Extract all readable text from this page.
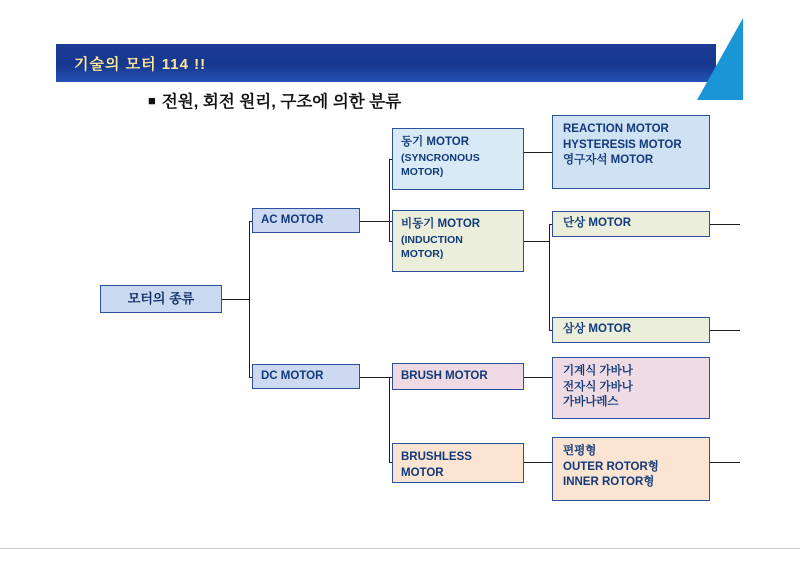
기술의 모터 114 !!
■ 전원, 회전 원리, 구조에 의한 분류
모터의 종류
AC MOTOR
DC MOTOR
동기 MOTOR
(SYNCRONOUS
MOTOR)
비동기 MOTOR
(INDUCTION
MOTOR)
BRUSH MOTOR
BRUSHLESS
MOTOR
REACTION MOTOR
HYSTERESIS MOTOR
영구자석 MOTOR
단상 MOTOR
삼상 MOTOR
기계식 가바나
전자식 가바나
가바나레스
편평형
OUTER ROTOR형
INNER ROTOR형
